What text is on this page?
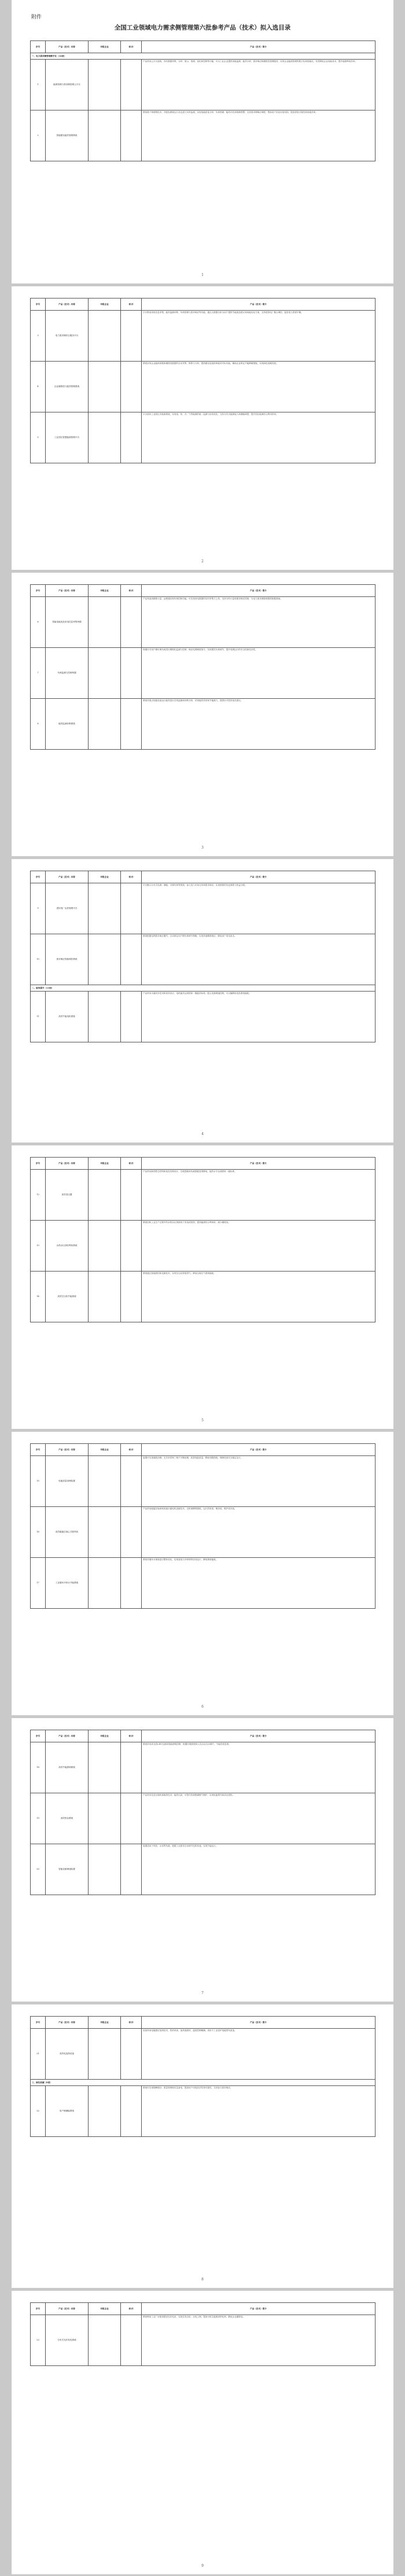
附件
全国工业领域电力需求侧管理第六批参考产品（技术）拟入选目录
序号	产品（技术）名称	申报企业	省/市	产品（技术）简介
一、电力需求侧管理数字化（16项）				
1	能源管理与需求侧管理云平台			产品采用云平台架构，具有数据采集、分析、展示、预测、优化和控制等功能，可为工业企业提供用能监测、能效分析、需求响应和碳排放管理服务，实现企业能源管理的数字化和智能化，有效降低企业用能成本，提升能源利用效率。
2	智能配电能效管理系统			系统基于物联网技术，对配电系统运行状态进行实时监测，实现电能质量分析、负荷预测、能效评估和故障预警，支持需求侧响应调度，帮助用户优化用电结构，提高供电可靠性和用能效率。
1
序号	产品（技术）名称	申报企业	省/市	产品（技术）简介
3	电力需求侧综合服务平台			平台集成用电信息采集、能效监测诊断、负荷管理与需求响应等功能，通过大数据分析为用户提供节能改造建议和用能优化方案，支持虚拟电厂聚合调控，促进电力供需平衡。
4	企业碳排放与能效管理系统			系统实现企业能源消耗和碳排放数据的自动采集、核算与分析，提供碳足迹追踪和能效对标功能，辅助企业制定节能降碳措施，实现绿色低碳发展。
5	工业园区智慧能源管理平台			平台面向工业园区多能源系统，实现电、热、冷、气等能源的统一监测与协同优化，支持分布式能源接入和储能调度，提升园区能源综合利用效率。
2
序号	产品（技术）名称	申报企业	省/市	产品（技术）简介
6	智能电能表及用电信息采集终端			产品具备高精度计量、远程通信和负荷控制功能，可实现用电数据的实时采集与上传，支持分时计量和需求响应控制，为电力需求侧管理提供数据基础。
7	负荷监测与控制终端			终端可对用户侧可调负荷进行精细化监测与控制，响应电网调度指令，实现柔性负荷调节，提升电网运行的安全性和经济性。
8	能效监测诊断系统			系统对重点用能设备运行能效进行在线监测和诊断分析，识别能效异常和节能潜力，提供针对性的优化建议。
3
序号	产品（技术）名称	申报企业	省/市	产品（技术）简介
9	虚拟电厂运营管理平台			平台聚合分布式电源、储能、可调负荷等资源，参与电力市场交易和需求响应，实现资源的优化调度与收益分配。
10	需求响应智能调控系统			系统根据电网需求响应邀约，自动制定用户侧负荷调节策略，实现快速精准响应，降低用户用电成本。
二、能效提升（13项）				
11	高效节能电机系统			产品采用永磁同步技术和高效设计，电机能效达到国家一级能效标准，配合变频调速控制，可大幅降低电机系统能耗。
4
序号	产品（技术）名称	申报企业	省/市	产品（技术）简介
12	高效变压器			产品采用新型铁芯材料和优化结构设计，空载损耗和负载损耗显著降低，能效水平达到国家一级标准。
13	余热余压回收利用系统			系统回收工业生产过程中的余热余压资源用于发电或供热，提高能源综合利用率，减少碳排放。
14	高效空压机节能系统			系统通过智能群控和变频技术，实现空压站按需供气，降低压缩空气系统能耗。
5
序号	产品（技术）名称	申报企业	省/市	产品（技术）简介
15	电能质量治理装置			装置可实现谐波治理、无功补偿和三相不平衡治理，改善电能质量，降低线路损耗，保障设备安全稳定运行。
16	高效磁悬浮离心式鼓风机			产品采用磁悬浮轴承和高速永磁电机直驱技术，无机械摩擦损耗，运行效率高，噪音低，维护成本低。
17	工业循环冷却水节能系统			系统对循环水系统进行整体优化，实现泵组与冷却塔的协同运行，降低系统能耗。
6
序号	产品（技术）名称	申报企业	省/市	产品（技术）简介
18	高效节能照明系统			系统采用高光效LED光源和智能照明控制，根据环境照度和人员活动自动调节，节能效果显著。
19	高效热泵系统			产品采用先进压缩机和换热技术，能效比高，可替代传统燃煤燃气锅炉，实现电能替代和清洁供热。
20	智能变频调速装置			装置适用于风机、水泵等负载，根据工况需求自动调节电机转速，实现节能运行。
7
序号	产品（技术）名称	申报企业	省/市	产品（技术）简介
21	高效电加热设备			设备采用电磁感应加热技术，热效率高，加热速度快，温度控制精确，适用于工业窑炉电能替代改造。
三、绿色低碳（8项）				
22	用户侧储能系统			系统可实现削峰填谷、需量管理和应急备电，提高用户用电经济性和可靠性，支持参与需求响应。
8
序号	产品（技术）名称	申报企业	省/市	产品（技术）简介
23	分布式光伏发电系统			系统利用工业厂房屋顶建设光伏电站，实现自发自用、余电上网，提高可再生能源消纳比例，降低企业碳排放。
9
